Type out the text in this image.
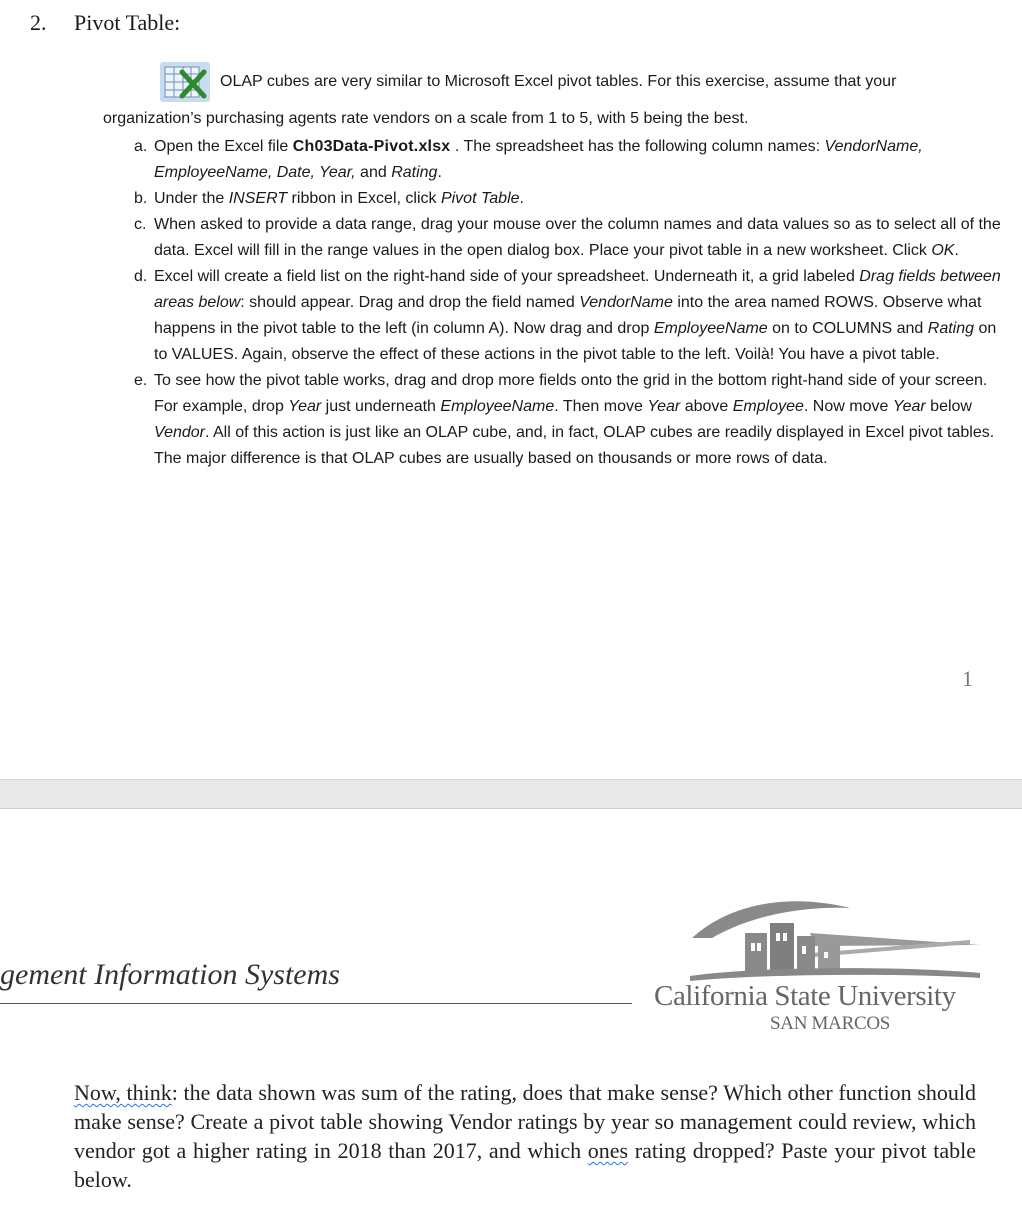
2. Pivot Table:
OLAP cubes are very similar to Microsoft Excel pivot tables. For this exercise, assume that your
organization’s purchasing agents rate vendors on a scale from 1 to 5, with 5 being the best.
a. Open the Excel file Ch03Data-Pivot.xlsx . The spreadsheet has the following column names: VendorName, EmployeeName, Date, Year, and Rating.
b. Under the INSERT ribbon in Excel, click Pivot Table.
c. When asked to provide a data range, drag your mouse over the column names and data values so as to select all of the data. Excel will fill in the range values in the open dialog box. Place your pivot table in a new worksheet. Click OK.
d. Excel will create a field list on the right-hand side of your spreadsheet. Underneath it, a grid labeled Drag fields between areas below: should appear. Drag and drop the field named VendorName into the area named ROWS. Observe what happens in the pivot table to the left (in column A). Now drag and drop EmployeeName on to COLUMNS and Rating on to VALUES. Again, observe the effect of these actions in the pivot table to the left. Voilà! You have a pivot table.
e. To see how the pivot table works, drag and drop more fields onto the grid in the bottom right-hand side of your screen. For example, drop Year just underneath EmployeeName. Then move Year above Employee. Now move Year below Vendor. All of this action is just like an OLAP cube, and, in fact, OLAP cubes are readily displayed in Excel pivot tables. The major difference is that OLAP cubes are usually based on thousands or more rows of data.
1
gement Information Systems
California State University
SAN MARCOS
Now, think: the data shown was sum of the rating, does that make sense? Which other function should make sense? Create a pivot table showing Vendor ratings by year so management could review, which vendor got a higher rating in 2018 than 2017, and which ones rating dropped? Paste your pivot table below.
